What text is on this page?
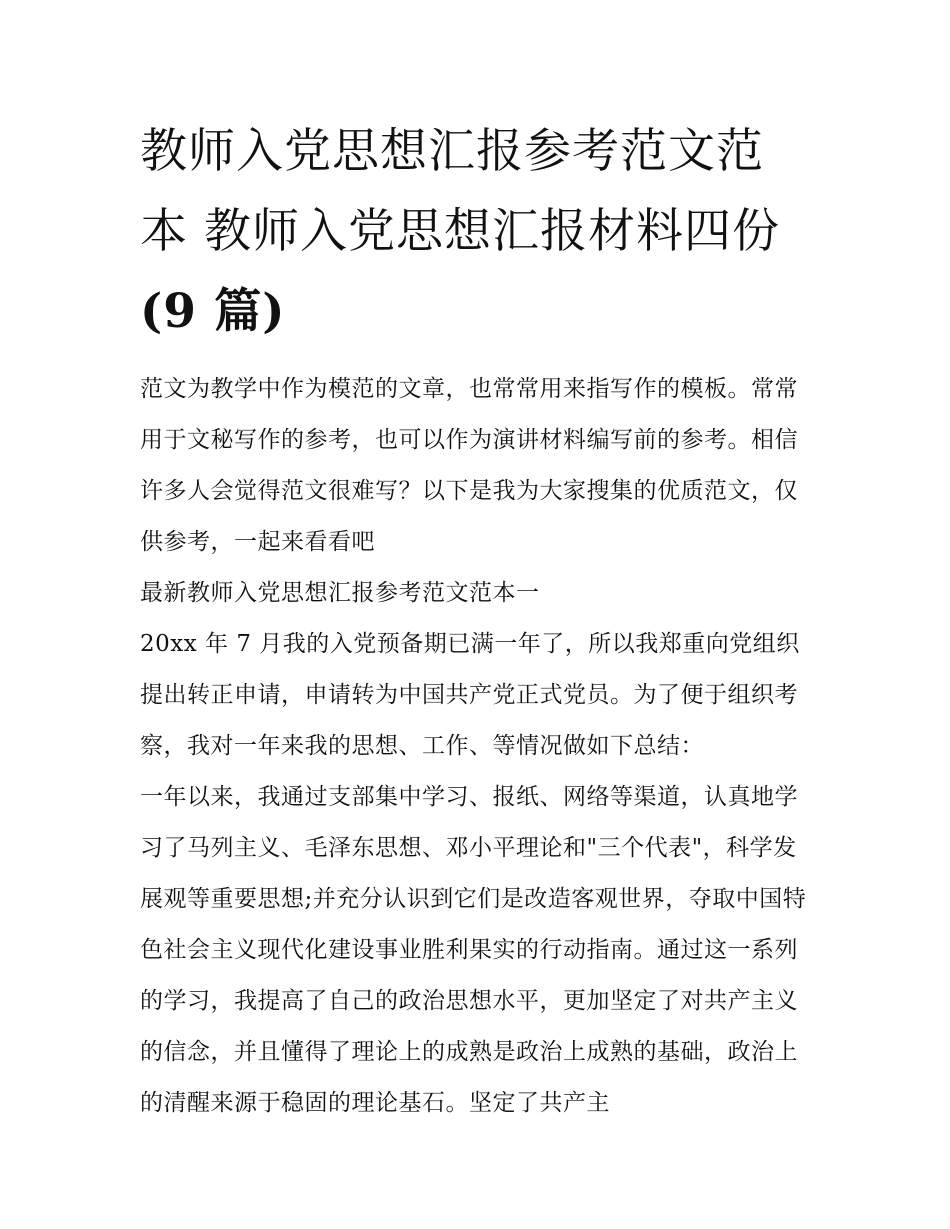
教师入党思想汇报参考范文范
本 教师入党思想汇报材料四份
(9 篇)

范文为教学中作为模范的文章，也常常用来指写作的模板。常常用于文秘写作的参考，也可以作为演讲材料编写前的参考。相信许多人会觉得范文很难写？以下是我为大家搜集的优质范文，仅供参考，一起来看看吧

最新教师入党思想汇报参考范文范本一

20xx 年 7 月我的入党预备期已满一年了，所以我郑重向党组织提出转正申请，申请转为中国共产党正式党员。为了便于组织考察，我对一年来我的思想、工作、等情况做如下总结：

一年以来，我通过支部集中学习、报纸、网络等渠道，认真地学习了马列主义、毛泽东思想、邓小平理论和"三个代表"，科学发展观等重要思想;并充分认识到它们是改造客观世界，夺取中国特色社会主义现代化建设事业胜利果实的行动指南。通过这一系列的学习，我提高了自己的政治思想水平，更加坚定了对共产主义的信念，并且懂得了理论上的成熟是政治上成熟的基础，政治上的清醒来源于稳固的理论基石。坚定了共产主
